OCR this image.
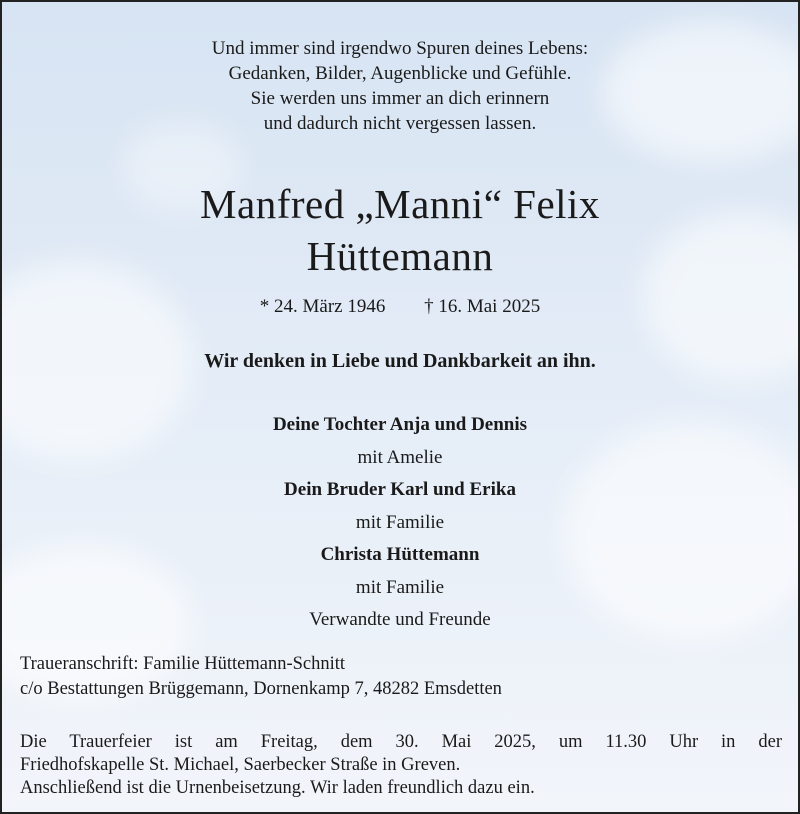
Und immer sind irgendwo Spuren deines Lebens:
Gedanken, Bilder, Augenblicke und Gefühle.
Sie werden uns immer an dich erinnern
und dadurch nicht vergessen lassen.
Manfred „Manni“ Felix
Hüttemann
* 24. März 1946 † 16. Mai 2025
Wir denken in Liebe und Dankbarkeit an ihn.
Deine Tochter Anja und Dennis
mit Amelie
Dein Bruder Karl und Erika
mit Familie
Christa Hüttemann
mit Familie
Verwandte und Freunde
Traueranschrift: Familie Hüttemann-Schnitt
c/o Bestattungen Brüggemann, Dornenkamp 7, 48282 Emsdetten
Die Trauerfeier ist am Freitag, dem 30. Mai 2025, um 11.30 Uhr in der
Friedhofskapelle St. Michael, Saerbecker Straße in Greven.
Anschließend ist die Urnenbeisetzung. Wir laden freundlich dazu ein.
